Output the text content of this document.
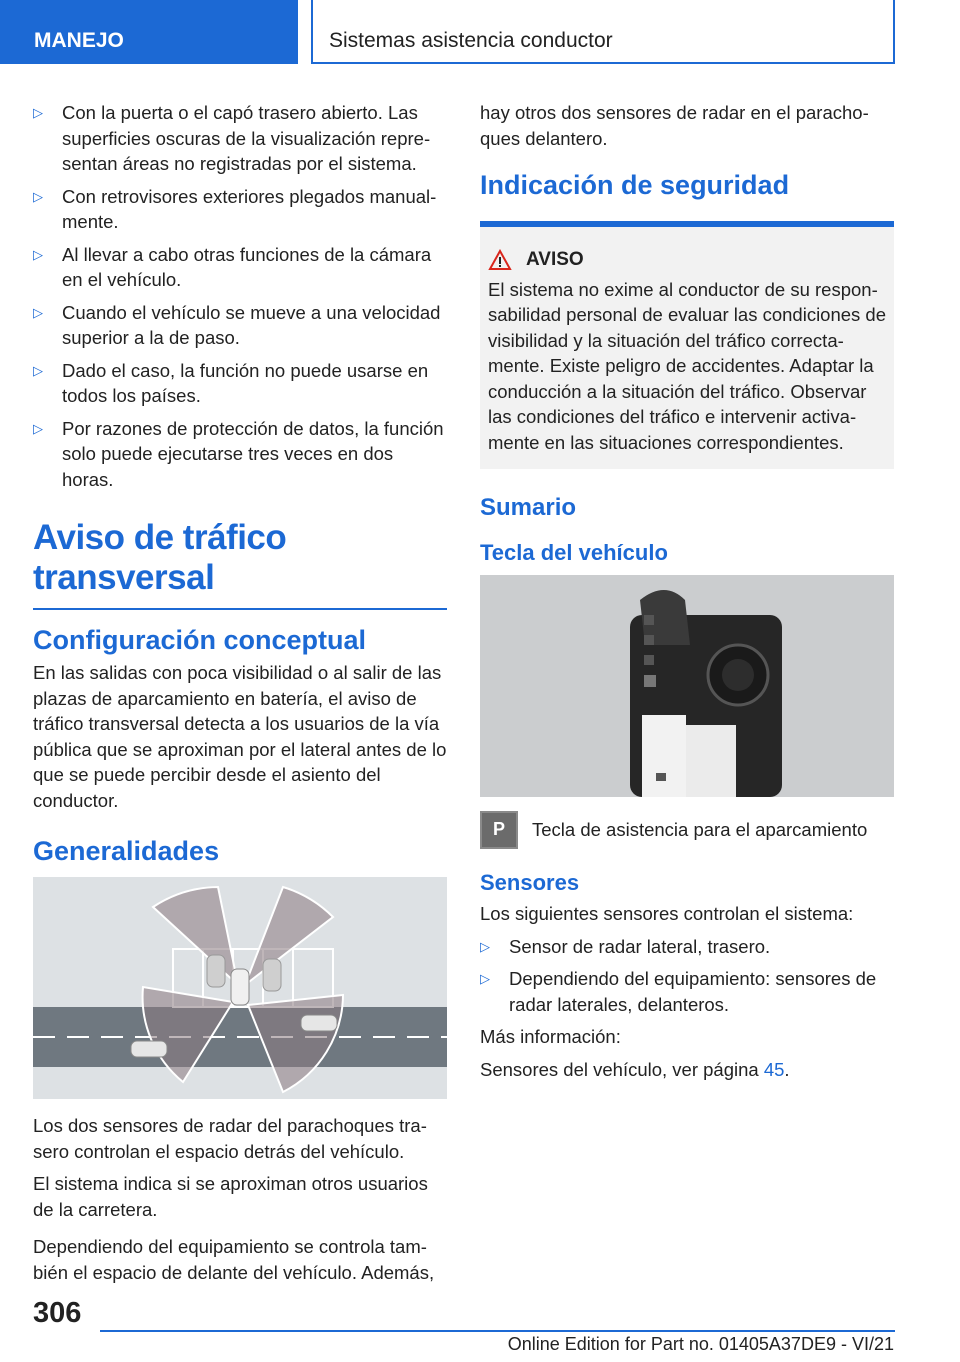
MANEJO	Sistemas asistencia conductor
▷ Con la puerta o el capó trasero abierto. Las superficies oscuras de la visualización representan áreas no registradas por el sistema.
▷ Con retrovisores exteriores plegados manualmente.
▷ Al llevar a cabo otras funciones de la cámara en el vehículo.
▷ Cuando el vehículo se mueve a una velocidad superior a la de paso.
▷ Dado el caso, la función no puede usarse en todos los países.
▷ Por razones de protección de datos, la función solo puede ejecutarse tres veces en dos horas.
Aviso de tráfico transversal
Configuración conceptual

En las salidas con poca visibilidad o al salir de las plazas de aparcamiento en batería, el aviso de tráfico transversal detecta a los usuarios de la vía pública que se aproximan por el lateral antes de lo que se puede percibir desde el asiento del conductor.

Generalidades

Los dos sensores de radar del parachoques trasero controlan el espacio detrás del vehículo.

El sistema indica si se aproximan otros usuarios de la carretera.

Dependiendo del equipamiento se controla también el espacio de delante del vehículo. Además,

hay otros dos sensores de radar en el parachoques delantero.

Indicación de seguridad
AVISO
El sistema no exime al conductor de su responsabilidad personal de evaluar las condiciones de visibilidad y la situación del tráfico correctamente. Existe peligro de accidentes. Adaptar la conducción a la situación del tráfico. Observar las condiciones del tráfico e intervenir activamente en las situaciones correspondientes.
Sumario
Tecla del vehículo
P	Tecla de asistencia para el aparcamiento
Sensores

Los siguientes sensores controlan el sistema:

▷ Sensor de radar lateral, trasero.
▷ Dependiendo del equipamiento: sensores de radar laterales, delanteros.

Más información:

Sensores del vehículo, ver página 45.

306
Online Edition for Part no. 01405A37DE9 - VI/21
